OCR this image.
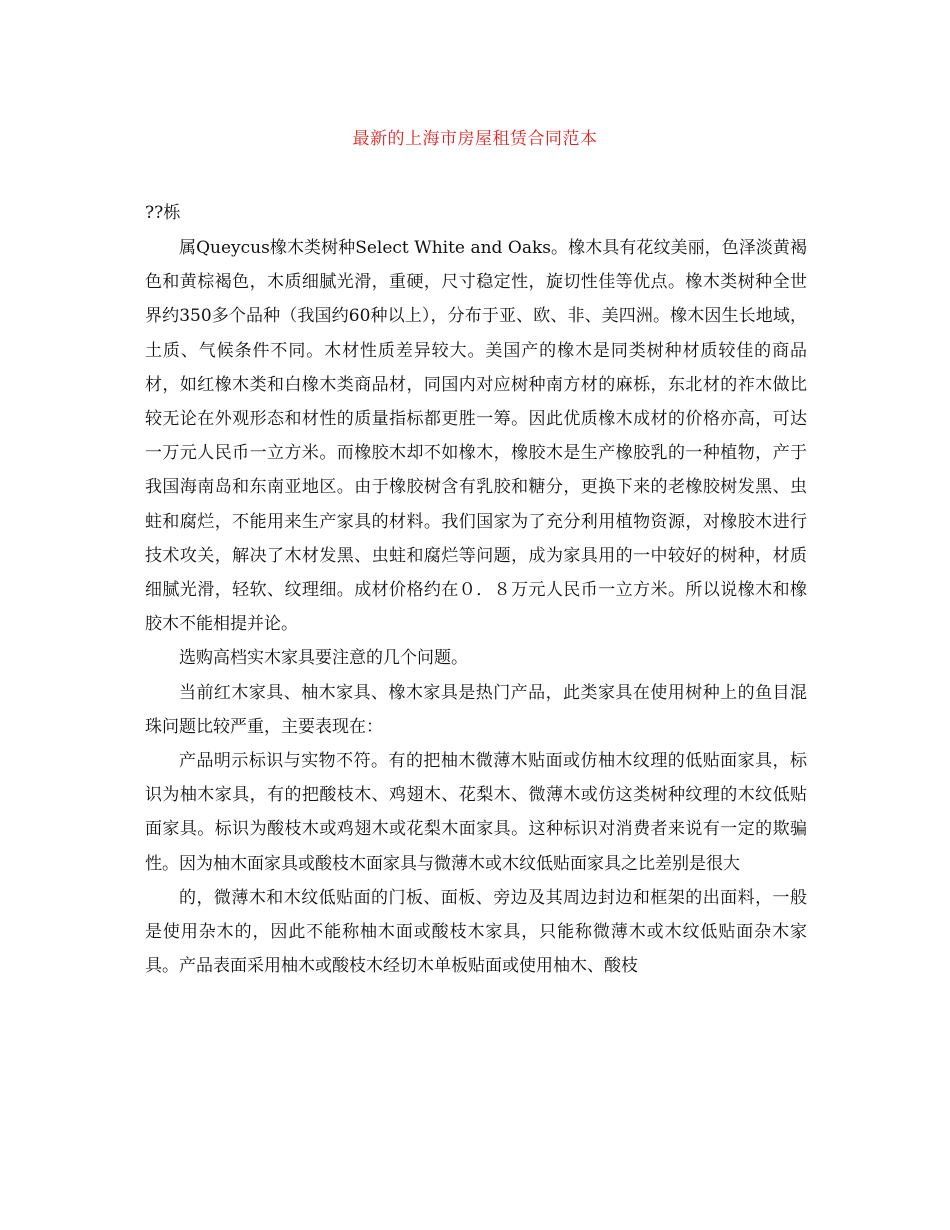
最新的上海市房屋租赁合同范本
??栎

属Queycus橡木类树种Select White and Oaks。橡木具有花纹美丽，色泽淡黄褐色和黄棕褐色，木质细腻光滑，重硬，尺寸稳定性，旋切性佳等优点。橡木类树种全世界约350多个品种（我国约60种以上），分布于亚、欧、非、美四洲。橡木因生长地域，土质、气候条件不同。木材性质差异较大。美国产的橡木是同类树种材质较佳的商品材，如红橡木类和白橡木类商品材，同国内对应树种南方材的麻栎，东北材的祚木做比较无论在外观形态和材性的质量指标都更胜一筹。因此优质橡木成材的价格亦高，可达一万元人民币一立方米。而橡胶木却不如橡木，橡胶木是生产橡胶乳的一种植物，产于我国海南岛和东南亚地区。由于橡胶树含有乳胶和糖分，更换下来的老橡胶树发黑、虫蛀和腐烂，不能用来生产家具的材料。我们国家为了充分利用植物资源，对橡胶木进行技术攻关，解决了木材发黑、虫蛀和腐烂等问题，成为家具用的一中较好的树种，材质细腻光滑，轻软、纹理细。成材价格约在０．８万元人民币一立方米。所以说橡木和橡胶木不能相提并论。

选购高档实木家具要注意的几个问题。

当前红木家具、柚木家具、橡木家具是热门产品，此类家具在使用树种上的鱼目混珠问题比较严重，主要表现在：

产品明示标识与实物不符。有的把柚木微薄木贴面或仿柚木纹理的低贴面家具，标识为柚木家具，有的把酸枝木、鸡翅木、花梨木、微薄木或仿这类树种纹理的木纹低贴面家具。标识为酸枝木或鸡翅木或花梨木面家具。这种标识对消费者来说有一定的欺骗性。因为柚木面家具或酸枝木面家具与微薄木或木纹低贴面家具之比差别是很大

的，微薄木和木纹低贴面的门板、面板、旁边及其周边封边和框架的出面料，一般是使用杂木的，因此不能称柚木面或酸枝木家具，只能称微薄木或木纹低贴面杂木家具。产品表面采用柚木或酸枝木经切木单板贴面或使用柚木、酸枝
